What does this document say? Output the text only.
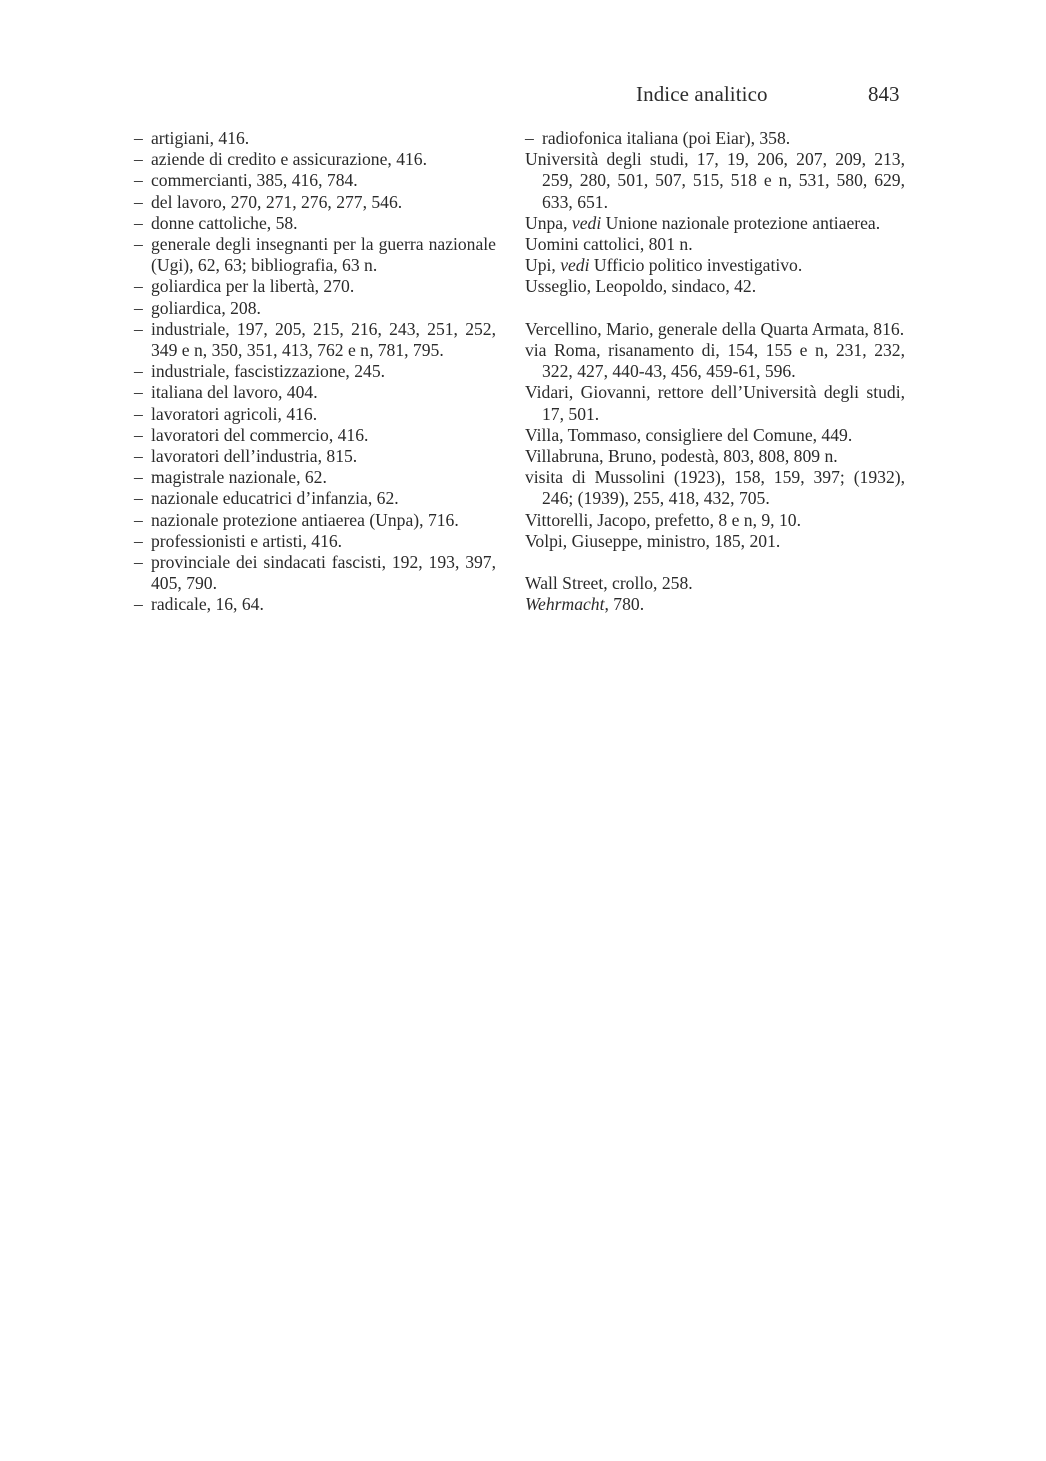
Indice analitico	843
– artigiani, 416.
– aziende di credito e assicurazione, 416.
– commercianti, 385, 416, 784.
– del lavoro, 270, 271, 276, 277, 546.
– donne cattoliche, 58.
– generale degli insegnanti per la guerra nazionale (Ugi), 62, 63; bibliografia, 63 n.
– goliardica per la libertà, 270.
– goliardica, 208.
– industriale, 197, 205, 215, 216, 243, 251, 252, 349 e n, 350, 351, 413, 762 e n, 781, 795.
– industriale, fascistizzazione, 245.
– italiana del lavoro, 404.
– lavoratori agricoli, 416.
– lavoratori del commercio, 416.
– lavoratori dell’industria, 815.
– magistrale nazionale, 62.
– nazionale educatrici d’infanzia, 62.
– nazionale protezione antiaerea (Unpa), 716.
– professionisti e artisti, 416.
– provinciale dei sindacati fascisti, 192, 193, 397, 405, 790.
– radicale, 16, 64.
– radiofonica italiana (poi Eiar), 358.
Università degli studi, 17, 19, 206, 207, 209, 213, 259, 280, 501, 507, 515, 518 e n, 531, 580, 629, 633, 651.
Unpa, vedi Unione nazionale protezione antiaerea.
Uomini cattolici, 801 n.
Upi, vedi Ufficio politico investigativo.
Usseglio, Leopoldo, sindaco, 42.
Vercellino, Mario, generale della Quarta Armata, 816.
via Roma, risanamento di, 154, 155 e n, 231, 232, 322, 427, 440-43, 456, 459-61, 596.
Vidari, Giovanni, rettore dell’Università degli studi, 17, 501.
Villa, Tommaso, consigliere del Comune, 449.
Villabruna, Bruno, podestà, 803, 808, 809 n.
visita di Mussolini (1923), 158, 159, 397; (1932), 246; (1939), 255, 418, 432, 705.
Vittorelli, Jacopo, prefetto, 8 e n, 9, 10.
Volpi, Giuseppe, ministro, 185, 201.
Wall Street, crollo, 258.
Wehrmacht, 780.
